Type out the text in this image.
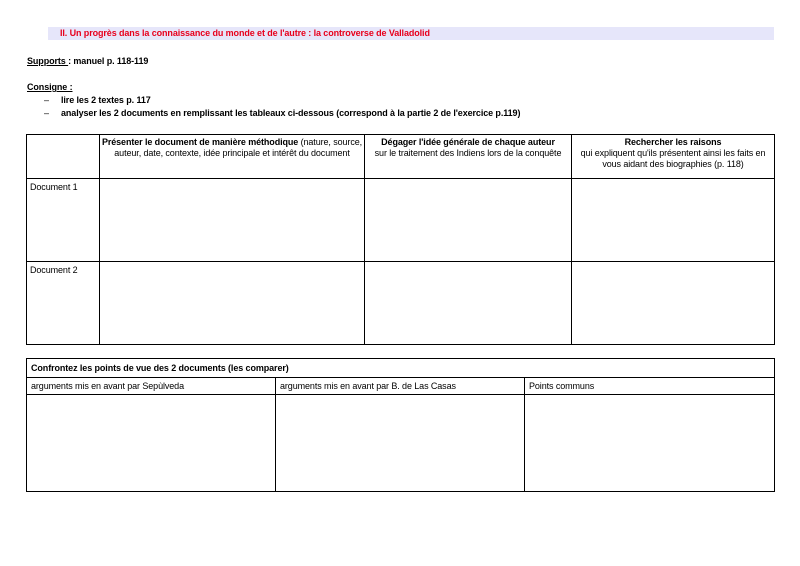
II. Un progrès dans la connaissance du monde et de l'autre : la controverse de Valladolid
Supports : manuel p. 118-119
Consigne :
– lire les 2 textes p. 117
– analyser les 2 documents en remplissant les tableaux ci-dessous (correspond à la partie 2 de l'exercice p.119)
	Présenter le document de manière méthodique (nature, source, auteur, date, contexte, idée principale et intérêt du document	Dégager l'idée générale de chaque auteur
sur le traitement des Indiens lors de la conquête	Rechercher les raisons
qui expliquent qu'ils présentent ainsi les faits en vous aidant des biographies (p. 118)
Document 1			
Document 2			
Confrontez les points de vue des 2 documents (les comparer)		
arguments mis en avant par Sepùlveda	arguments mis en avant par B. de Las Casas	Points communs
